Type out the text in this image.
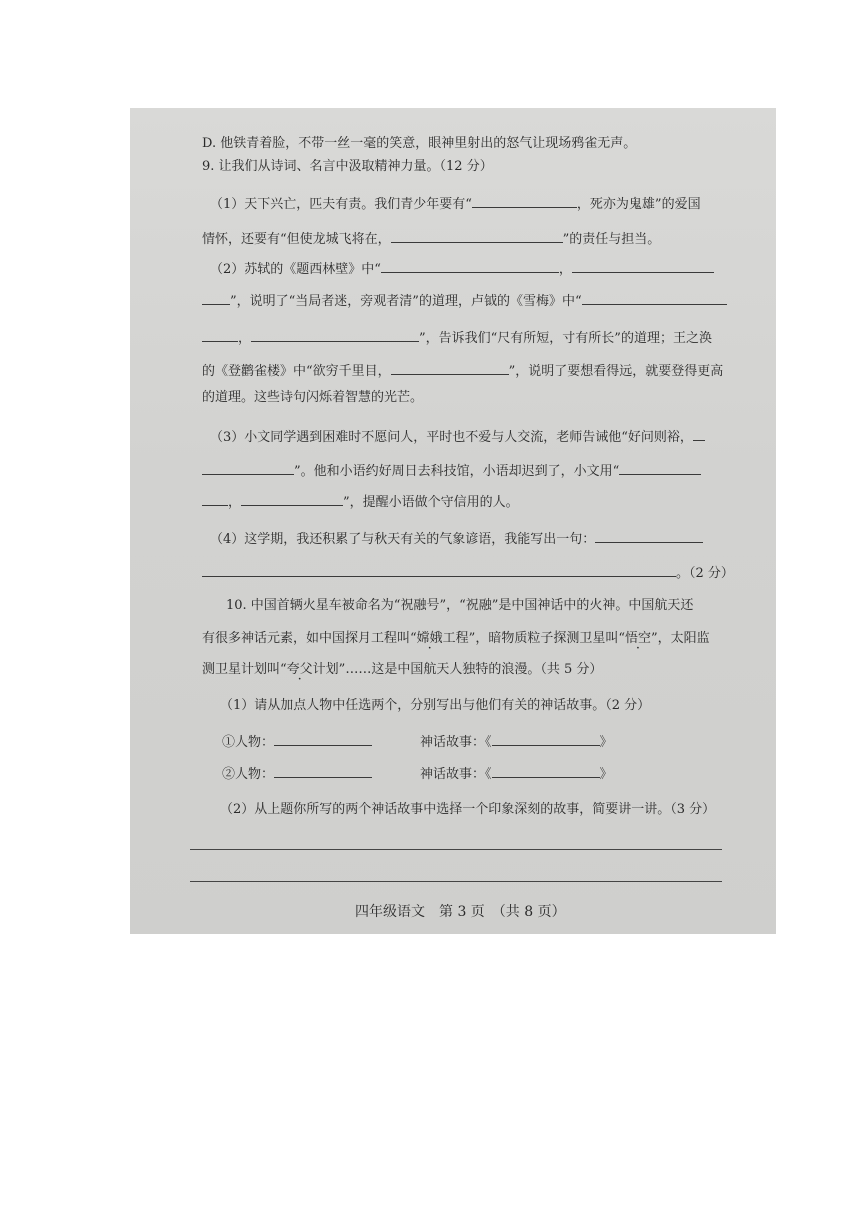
D. 他铁青着脸，不带一丝一毫的笑意，眼神里射出的怒气让现场鸦雀无声。
9. 让我们从诗词、名言中汲取精神力量。（12 分）
（1）天下兴亡，匹夫有责。我们青少年要有“	，死亦为鬼雄”的爱国
情怀，还要有“但使龙城飞将在，	”的责任与担当。
（2）苏轼的《题西林壁》中“	，
”，说明了“当局者迷，旁观者清”的道理，卢钺的《雪梅》中“
，	”，告诉我们“尺有所短，寸有所长”的道理；王之涣
的《登鹳雀楼》中“欲穷千里目，	”，说明了要想看得远，就要登得更高
的道理。这些诗句闪烁着智慧的光芒。
（3）小文同学遇到困难时不愿问人，平时也不爱与人交流，老师告诫他“好问则裕，
”。他和小语约好周日去科技馆，小语却迟到了，小文用“
，	”，提醒小语做个守信用的人。
（4）这学期，我还积累了与秋天有关的气象谚语，我能写出一句：
。（2 分）
10. 中国首辆火星车被命名为“祝融号”，“祝融”是中国神话中的火神。中国航天还
有很多神话元素，如中国探月工程叫“嫦娥工程”，暗物质粒子探测卫星叫“悟空”，太阳监
测卫星计划叫“夸父计划”……这是中国航天人独特的浪漫。（共 5 分）
（1）请从加点人物中任选两个，分别写出与他们有关的神话故事。（2 分）
①人物：	神话故事：《	》
②人物：	神话故事：《	》
（2）从上题你所写的两个神话故事中选择一个印象深刻的故事，简要讲一讲。（3 分）
四年级语文　第 3 页　（共 8 页）
